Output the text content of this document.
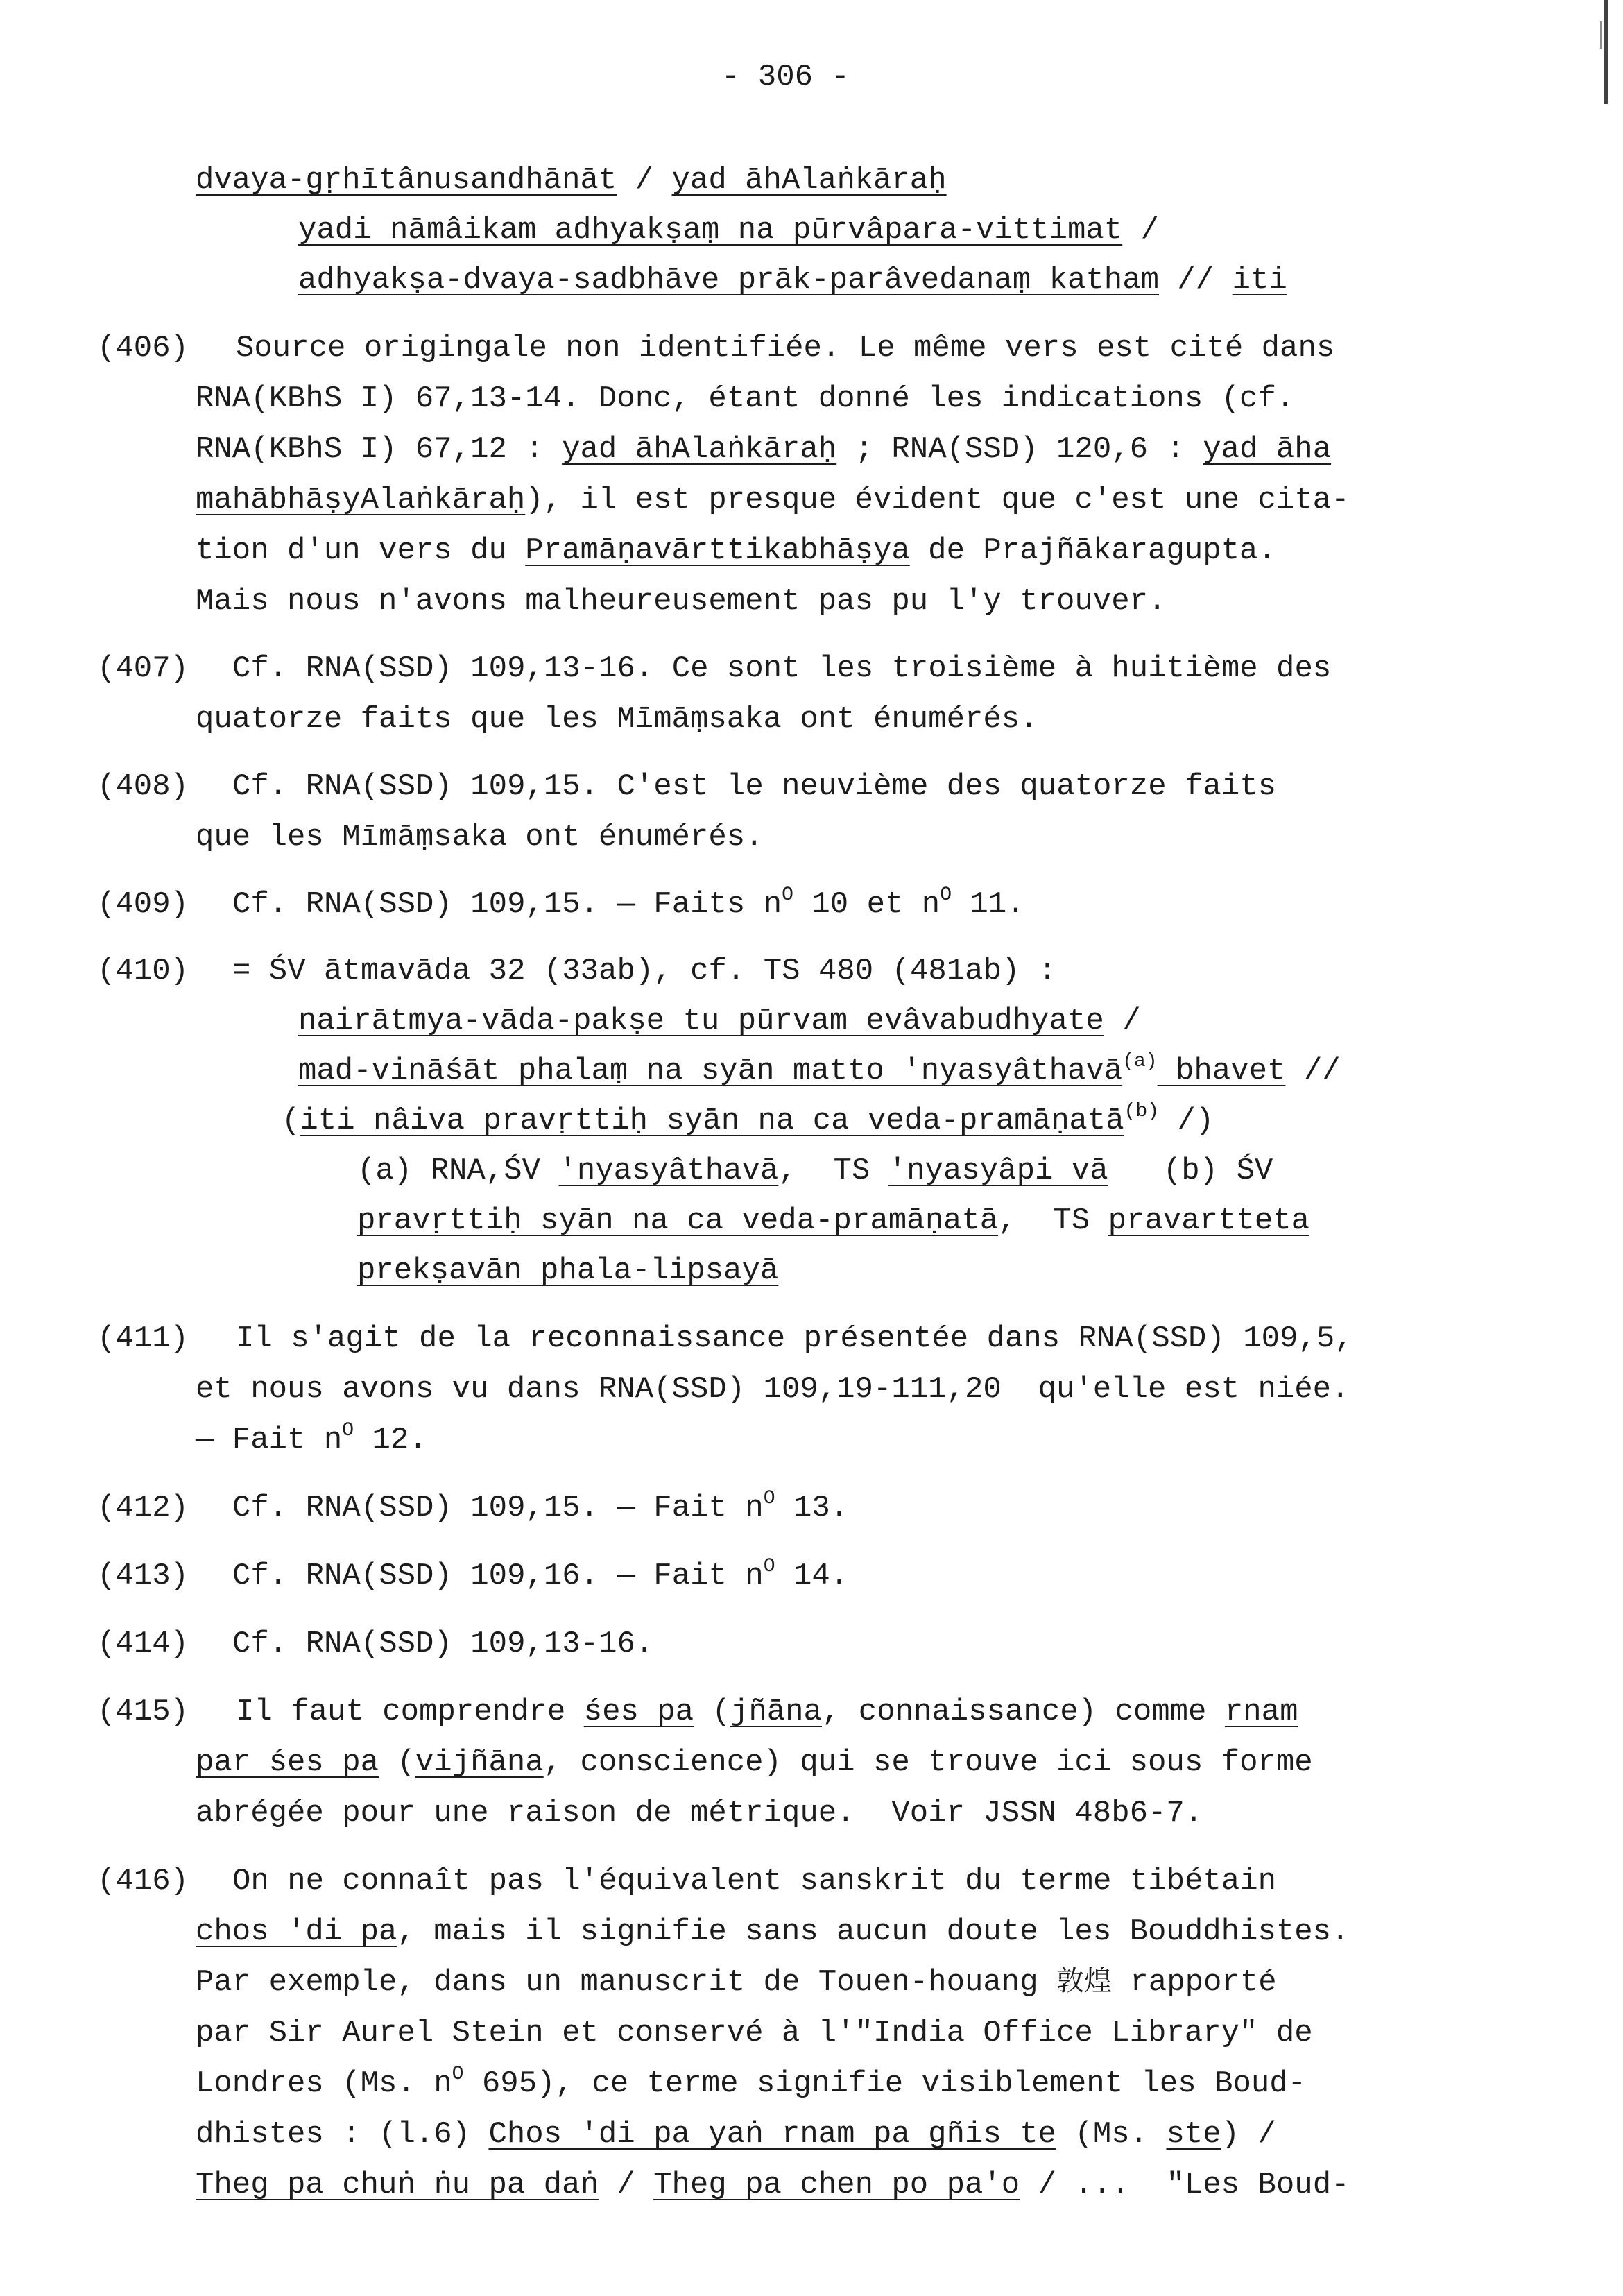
- 306 -
dvaya-gṛhītânusandhānāt / yad āhAlaṅkāraḥ
yadi nāmâikam adhyakṣaṃ na pūrvâpara-vittimat /
adhyakṣa-dvaya-sadbhāve prāk-parâvedanaṃ katham // iti
(406) Source origingale non identifiée. Le même vers est cité dans
RNA(KBhS I) 67,13-14. Donc, étant donné les indications (cf.
RNA(KBhS I) 67,12 : yad āhAlaṅkāraḥ ; RNA(SSD) 120,6 : yad āha
mahābhāṣyAlaṅkāraḥ), il est presque évident que c'est une cita-
tion d'un vers du Pramāṇavārttikabhāṣya de Prajñākaragupta.
Mais nous n'avons malheureusement pas pu l'y trouver.
(407) Cf. RNA(SSD) 109,13-16. Ce sont les troisième à huitième des
quatorze faits que les Mīmāṃsaka ont énumérés.
(408) Cf. RNA(SSD) 109,15. C'est le neuvième des quatorze faits
que les Mīmāṃsaka ont énumérés.
(409) Cf. RNA(SSD) 109,15. — Faits $n^O$ 10 et $n^O$ 11.
(410) = ŚV ātmavāda 32 (33ab), cf. TS 480 (481ab) :
nairātmya-vāda-pakṣe tu pūrvam evâvabudhyate /
mad-vināśāt phalaṃ na syān matto 'nyasyâthavā$^{(a)}$ bhavet //
(iti nâiva pravṛttiḥ syān na ca veda-pramāṇatā$^{(b)}$ /)
(a) RNA,ŚV 'nyasyâthavā,  TS 'nyasyâpi vā   (b) ŚV
pravṛttiḥ syān na ca veda-pramāṇatā,  TS pravartteta
prekṣavān phala-lipsayā
(411) Il s'agit de la reconnaissance présentée dans RNA(SSD) 109,5,
et nous avons vu dans RNA(SSD) 109,19-111,20  qu'elle est niée.
— Fait $n^O$ 12.
(412) Cf. RNA(SSD) 109,15. — Fait $n^O$ 13.
(413) Cf. RNA(SSD) 109,16. — Fait $n^O$ 14.
(414) Cf. RNA(SSD) 109,13-16.
(415) Il faut comprendre śes pa (jñāna, connaissance) comme rnam
par śes pa (vijñāna, conscience) qui se trouve ici sous forme
abrégée pour une raison de métrique.  Voir JSSN 48b6-7.
(416) On ne connaît pas l'équivalent sanskrit du terme tibétain
chos 'di pa, mais il signifie sans aucun doute les Bouddhistes.
Par exemple, dans un manuscrit de Touen-houang 敦煌 rapporté
par Sir Aurel Stein et conservé à l'"India Office Library" de
Londres (Ms. $n^O$ 695), ce terme signifie visiblement les Boud-
dhistes : (l.6) Chos 'di pa yaṅ rnam pa gñis te (Ms. ste) /
Theg pa chuṅ ṅu pa daṅ / Theg pa chen po pa'o / ...  "Les Boud-
